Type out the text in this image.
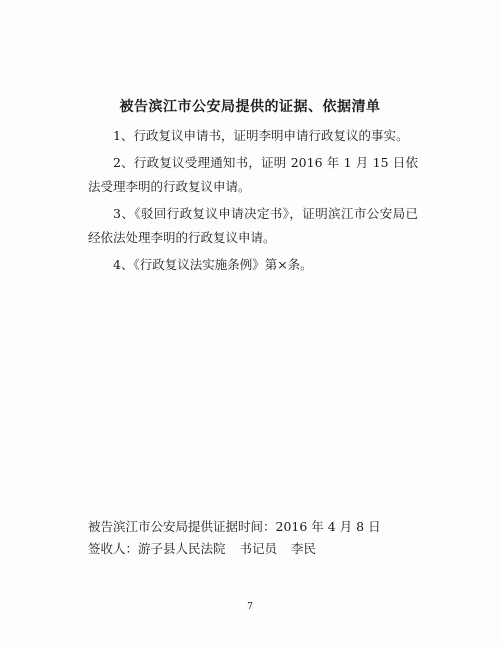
被告滨江市公安局提供的证据、依据清单

1、行政复议申请书，证明李明申请行政复议的事实。

2、行政复议受理通知书，证明 2016 年 1 月 15 日依法受理李明的行政复议申请。

3、《驳回行政复议申请决定书》，证明滨江市公安局已经依法处理李明的行政复议申请。

4、《行政复议法实施条例》第×条。

被告滨江市公安局提供证据时间：2016 年 4 月 8 日
签收人：游子县人民法院 书记员 李民
7
